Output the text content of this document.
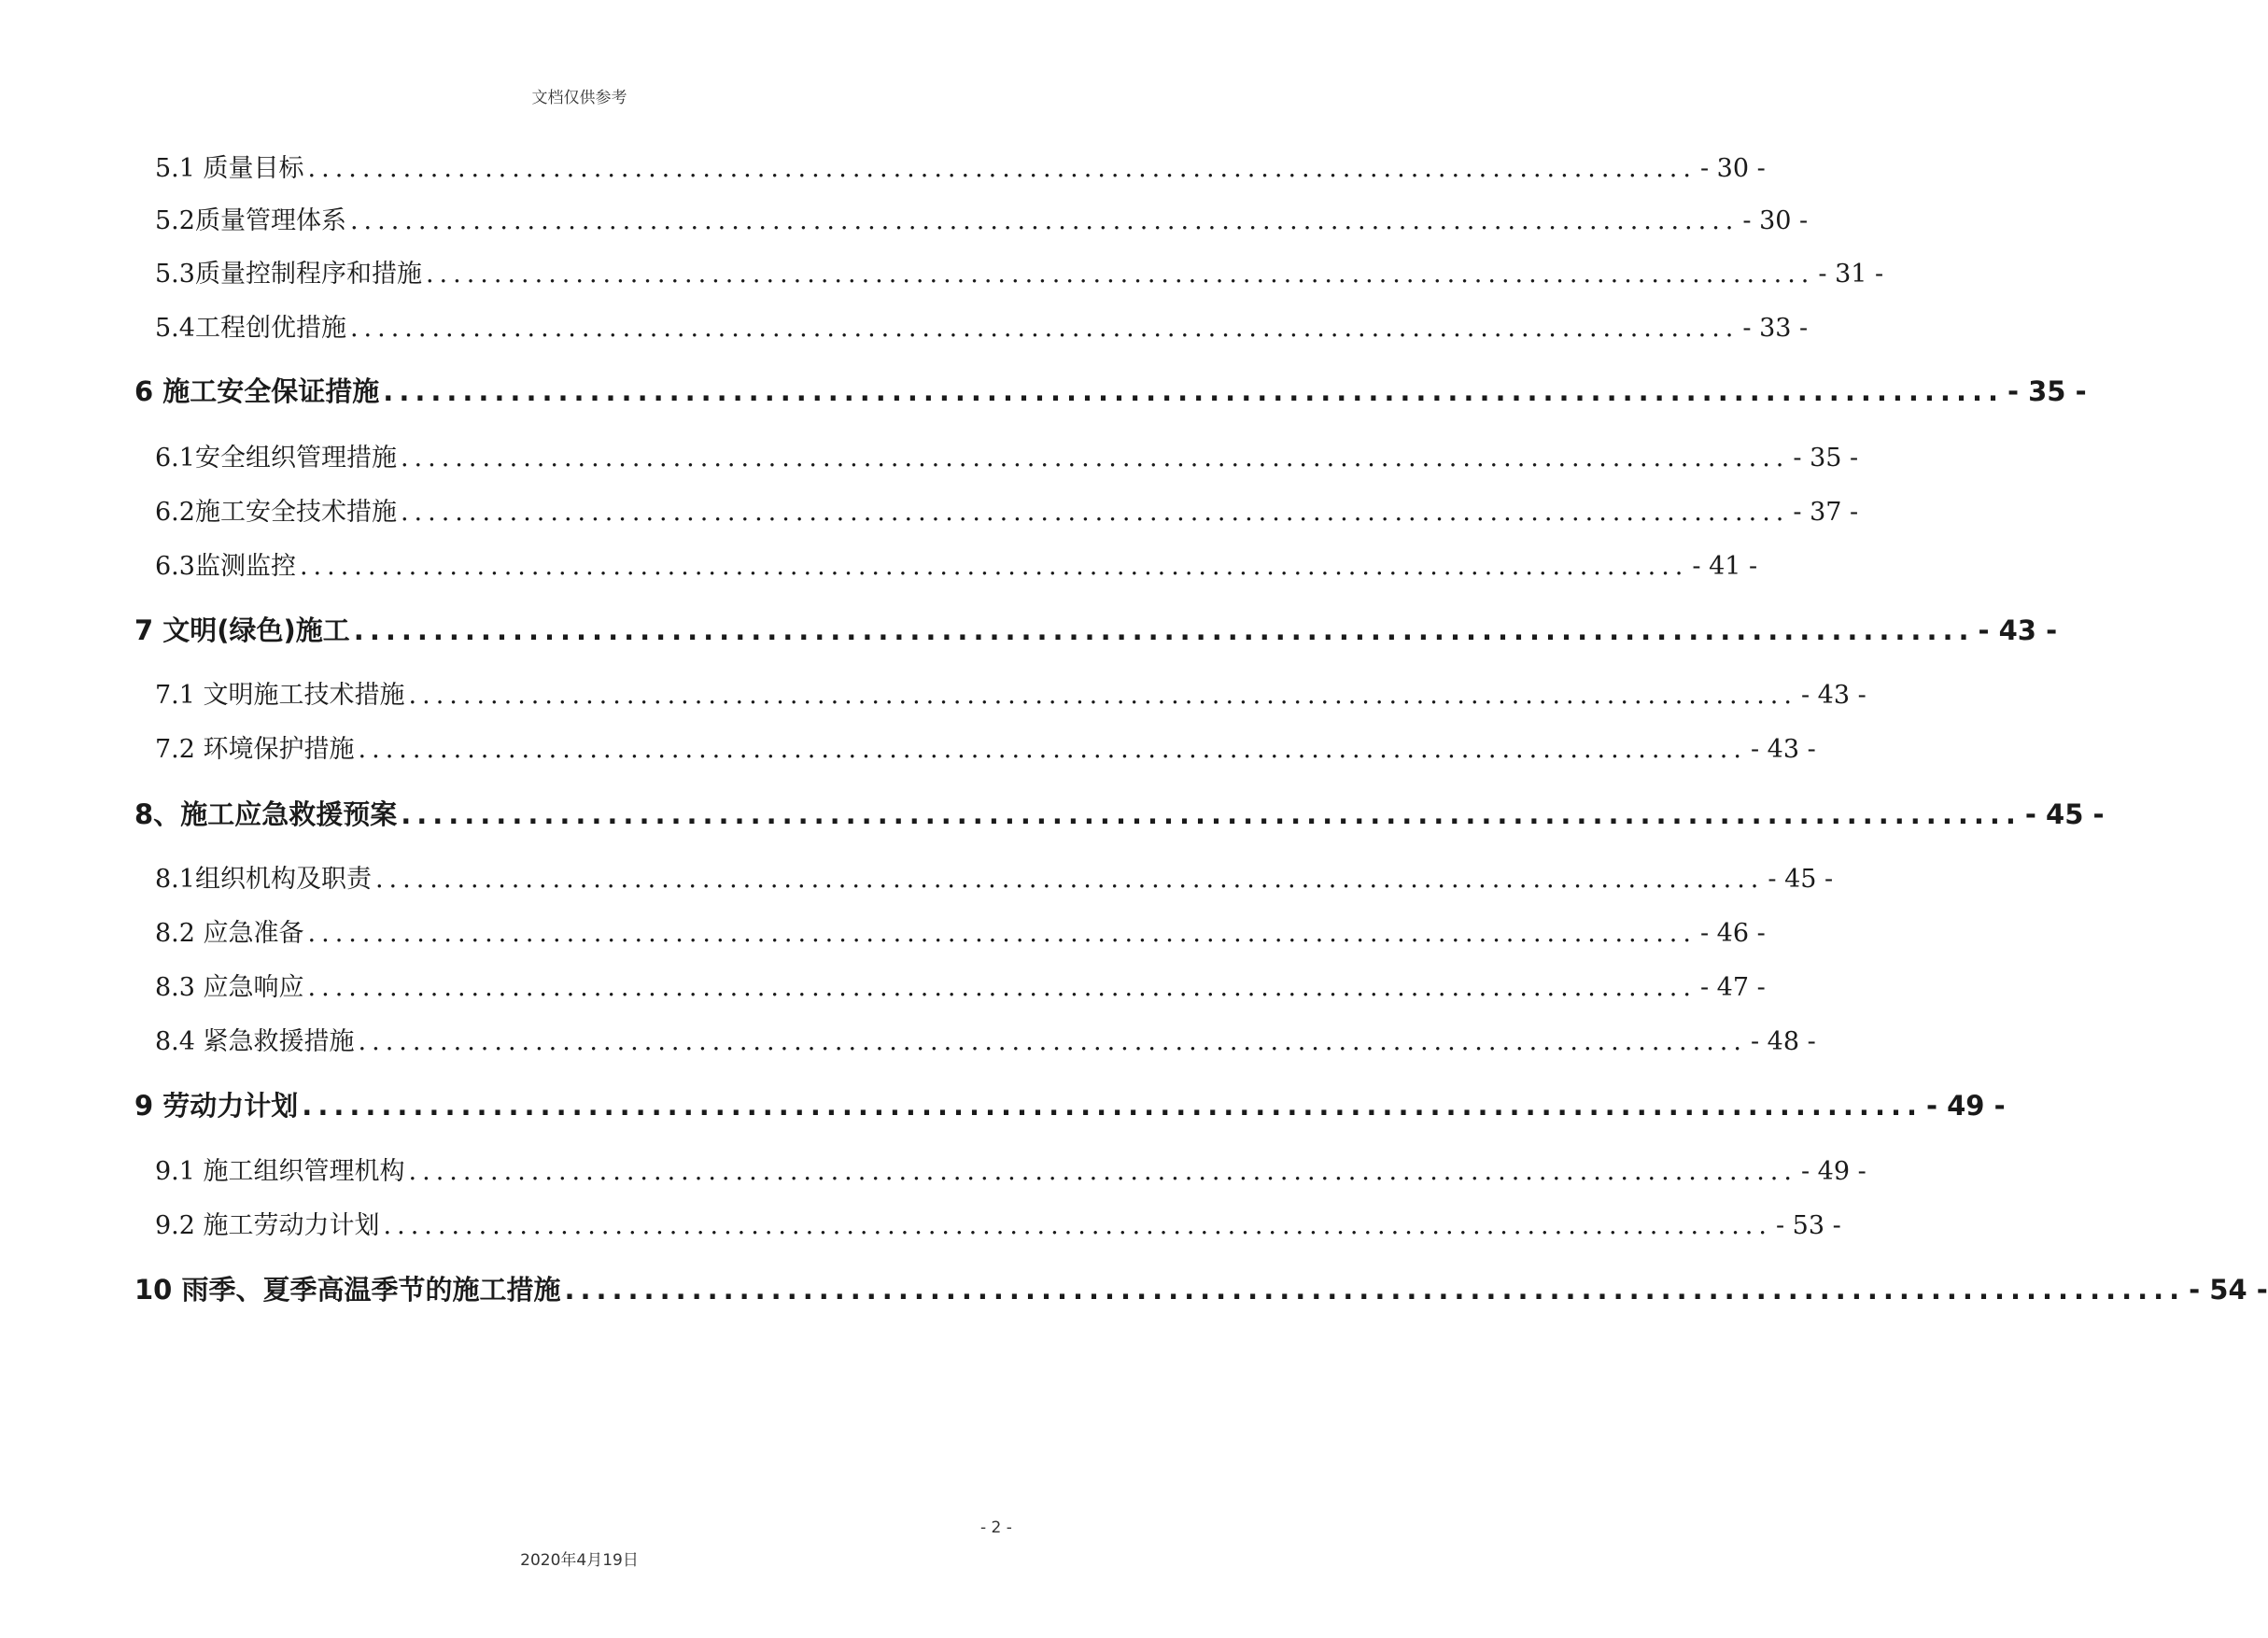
文档仅供参考
5.1 质量目标 ...................................................................................................... - 30 -
5.2 质量管理体系 ...................................................................................................... - 30 -
5.3 质量控制程序和措施 ...................................................................................................... - 31 -
5.4 工程创优措施 ...................................................................................................... - 33 -
6 施工安全保证措施 ...................................................................................................... - 35 -
6.1 安全组织管理措施 ...................................................................................................... - 35 -
6.2 施工安全技术措施 ...................................................................................................... - 37 -
6.3 监测监控 ...................................................................................................... - 41 -
7 文明(绿色)施工 ...................................................................................................... - 43 -
7.1 文明施工技术措施 ...................................................................................................... - 43 -
7.2 环境保护措施 ...................................................................................................... - 43 -
8、 施工应急救援预案 ...................................................................................................... - 45 -
8.1 组织机构及职责 ...................................................................................................... - 45 -
8.2 应急准备 ...................................................................................................... - 46 -
8.3 应急响应 ...................................................................................................... - 47 -
8.4 紧急救援措施 ...................................................................................................... - 48 -
9 劳动力计划 ...................................................................................................... - 49 -
9.1 施工组织管理机构 ...................................................................................................... - 49 -
9.2 施工劳动力计划 ...................................................................................................... - 53 -
10 雨季、夏季高温季节的施工措施 ...................................................................................................... - 54 -
- 2 -
2020年4月19日
